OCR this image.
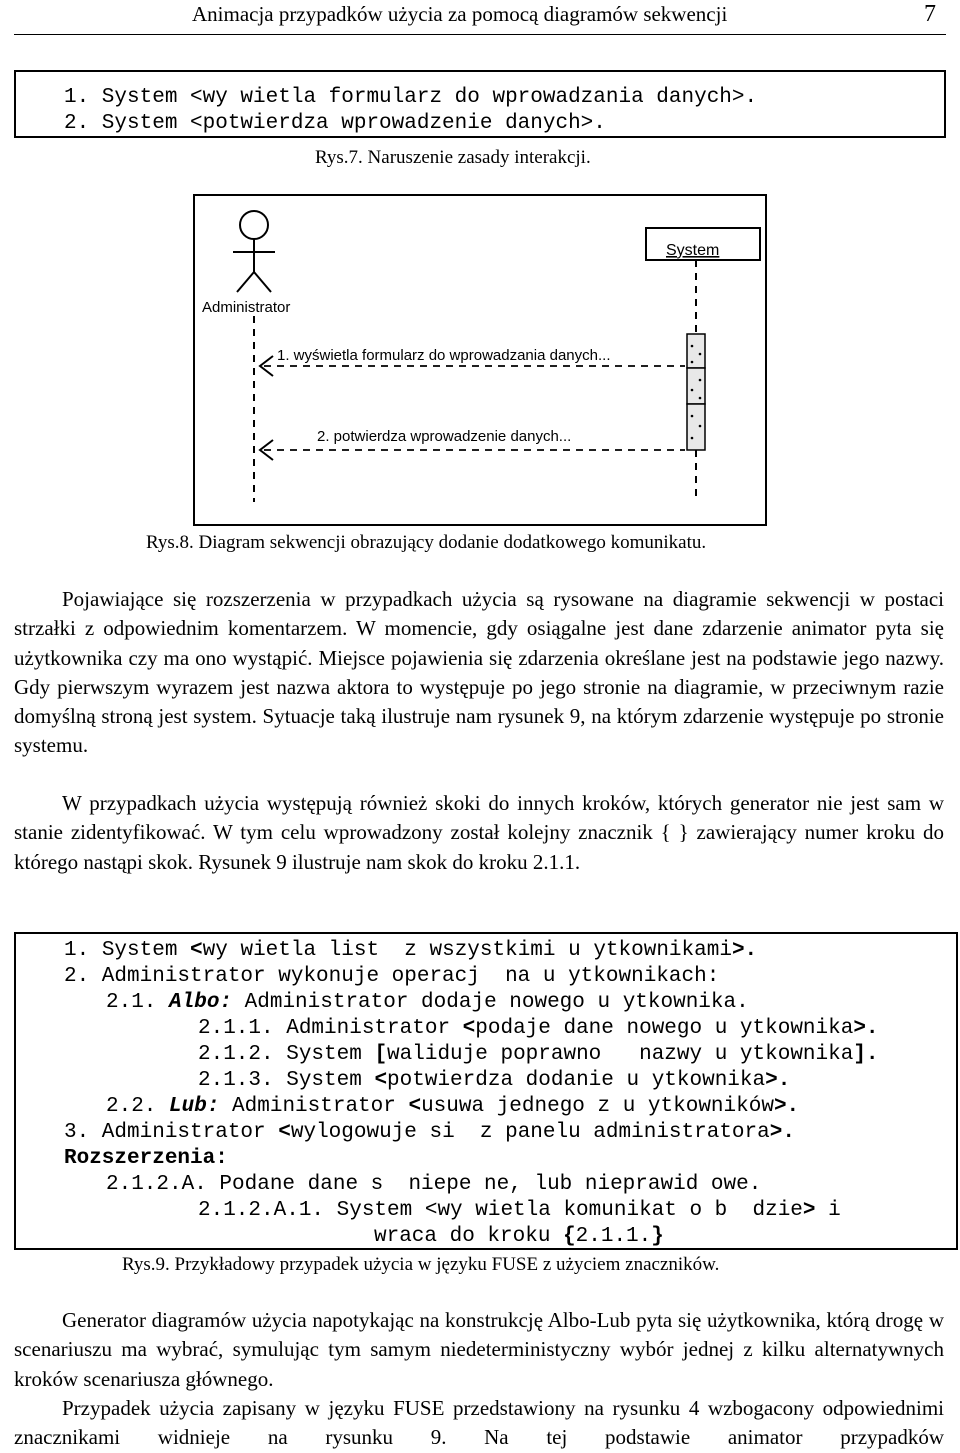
Animacja przypadków użycia za pomocą diagramów sekwencji	7
1. System <wy wietla formularz do wprowadzania danych>.
2. System <potwierdza wprowadzenie danych>.
Rys.7. Naruszenie zasady interakcji.
Administrator
System
1. wyświetla formularz do wprowadzania danych...
2. potwierdza wprowadzenie danych...
Rys.8. Diagram sekwencji obrazujący dodanie dodatkowego komunikatu.

Pojawiające się rozszerzenia w przypadkach użycia są rysowane na diagramie sekwencji w postaci strzałki z odpowiednim komentarzem. W momencie, gdy osiągalne jest dane zdarzenie animator pyta się użytkownika czy ma ono wystąpić. Miejsce pojawienia się zdarzenia określane jest na podstawie jego nazwy. Gdy pierwszym wyrazem jest nazwa aktora to występuje po jego stronie na diagramie, w przeciwnym razie domyślną stroną jest system. Sytuacje taką ilustruje nam rysunek 9, na którym zdarzenie występuje po stronie systemu.

W przypadkach użycia występują również skoki do innych kroków, których generator nie jest sam w stanie zidentyfikować. W tym celu wprowadzony został kolejny znacznik { } zawierający numer kroku do którego nastąpi skok. Rysunek 9 ilustruje nam skok do kroku 2.1.1.

1. System <wy wietla list  z wszystkimi u ytkownikami>.
2. Administrator wykonuje operacj  na u ytkownikach:
2.1. Albo: Administrator dodaje nowego u ytkownika.
2.1.1. Administrator <podaje dane nowego u ytkownika>.
2.1.2. System [waliduje poprawno   nazwy u ytkownika].
2.1.3. System <potwierdza dodanie u ytkownika>.
2.2. Lub: Administrator <usuwa jednego z u ytkowników>.
3. Administrator <wylogowuje si  z panelu administratora>.
Rozszerzenia:
2.1.2.A. Podane dane s  niepe ne, lub nieprawid owe.
2.1.2.A.1. System <wy wietla komunikat o b  dzie> i
wraca do kroku {2.1.1.}
Rys.9. Przykładowy przypadek użycia w języku FUSE z użyciem znaczników.

Generator diagramów użycia napotykając na konstrukcję Albo-Lub pyta się użytkownika, którą drogę w scenariuszu ma wybrać, symulując tym samym niedeterministyczny wybór jednej z kilku alternatywnych kroków scenariusza głównego.

Przypadek użycia zapisany w języku FUSE przedstawiony na rysunku 4 wzbogacony odpowiednimi znacznikami widnieje na rysunku 9. Na tej podstawie animator przypadków
